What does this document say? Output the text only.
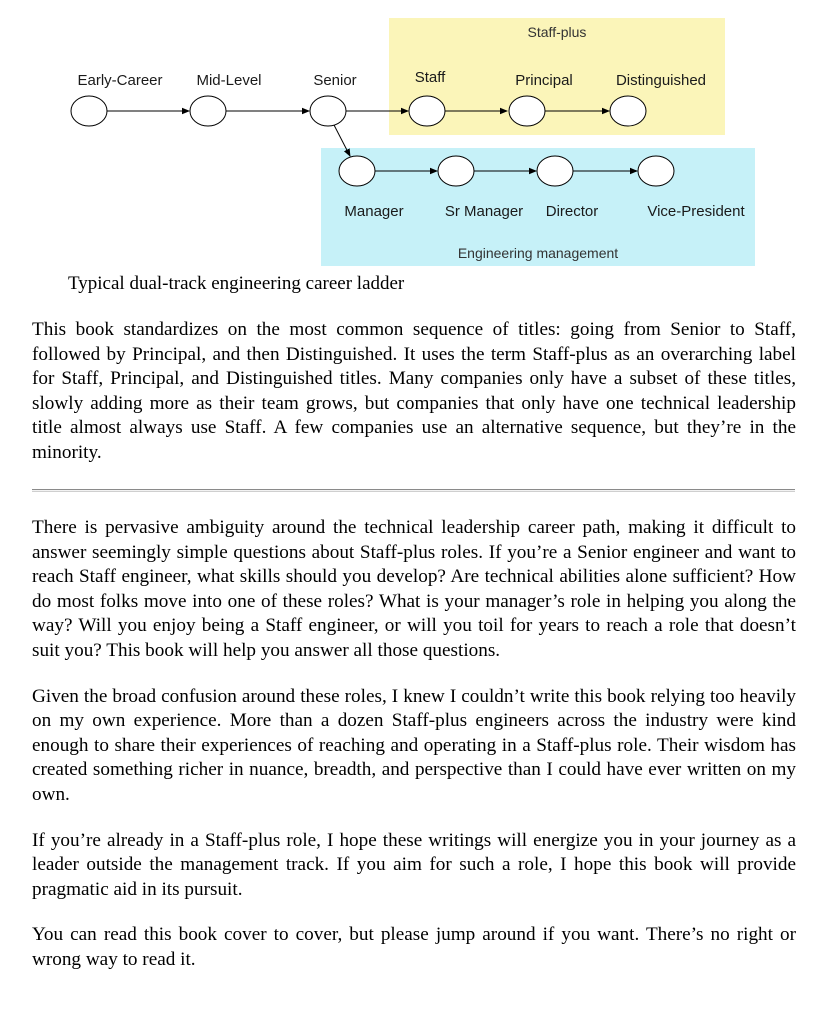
Staff-plus
Engineering management
Early-Career Mid-Level	Senior	Staff	Principal	Distinguished
Manager	Sr Manager Director	Vice-President

Typical dual-track engineering career ladder

This book standardizes on the most common sequence of titles: going from Senior to Staff, followed by Principal, and then Distinguished. It uses the term Staff-plus as an overarching label for Staff, Principal, and Distinguished titles. Many companies only have a subset of these titles, slowly adding more as their team grows, but companies that only have one technical leadership title almost always use Staff. A few companies use an alternative sequence, but they’re in the minority.

There is pervasive ambiguity around the technical leadership career path, making it difficult to answer seemingly simple questions about Staff-plus roles. If you’re a Senior engineer and want to reach Staff engineer, what skills should you develop? Are technical abilities alone sufficient? How do most folks move into one of these roles? What is your manager’s role in helping you along the way? Will you enjoy being a Staff engineer, or will you toil for years to reach a role that doesn’t suit you? This book will help you answer all those questions.

Given the broad confusion around these roles, I knew I couldn’t write this book relying too heavily on my own experience. More than a dozen Staff-plus engineers across the industry were kind enough to share their experiences of reaching and operating in a Staff-plus role. Their wisdom has created something richer in nuance, breadth, and perspective than I could have ever written on my own.

If you’re already in a Staff-plus role, I hope these writings will energize you in your journey as a leader outside the management track. If you aim for such a role, I hope this book will provide pragmatic aid in its pursuit.

You can read this book cover to cover, but please jump around if you want. There’s no right or wrong way to read it.
